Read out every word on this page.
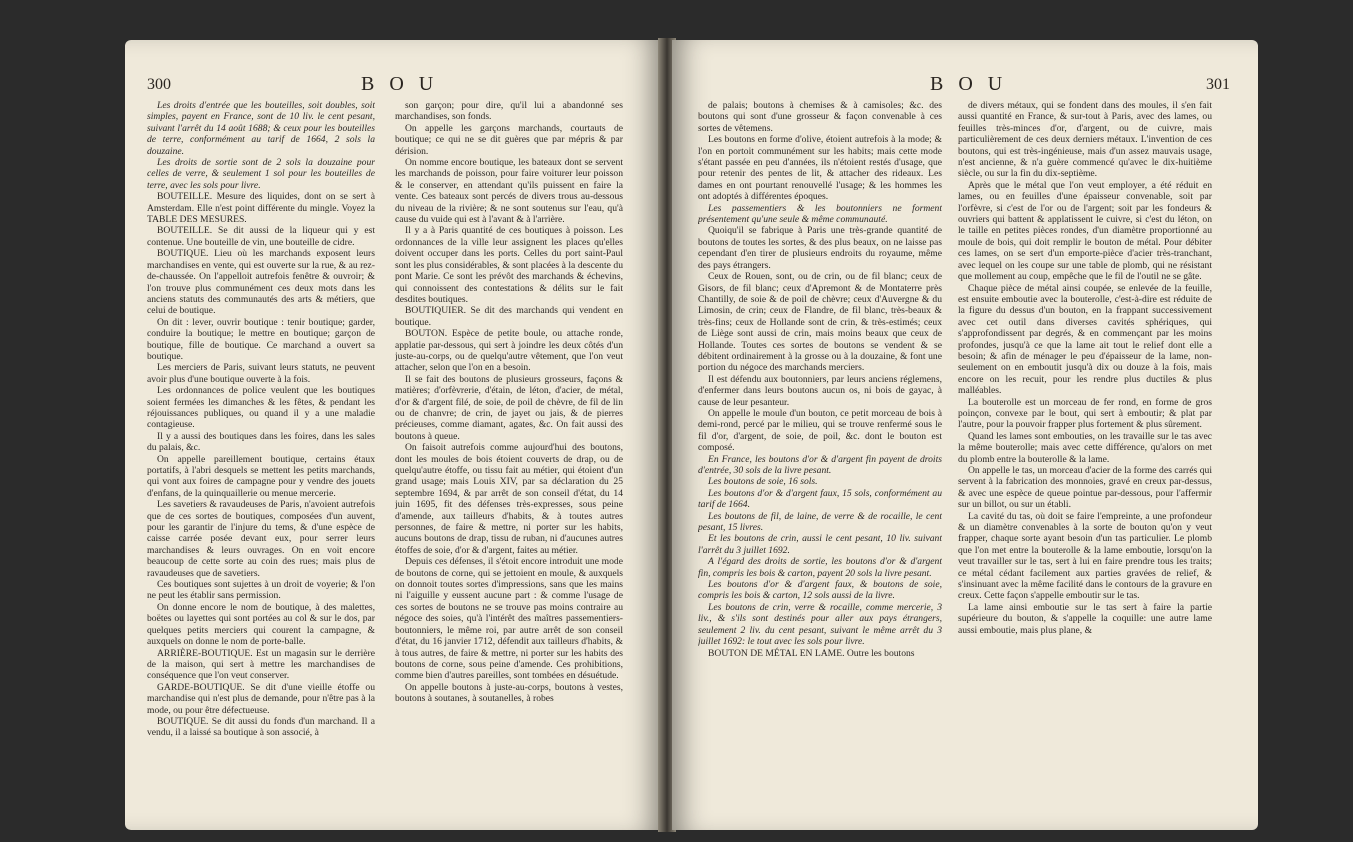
300	B O U

Les droits d'entrée que les bouteilles, soit doubles, soit simples, payent en France, sont de 10 liv. le cent pesant, suivant l'arrêt du 14 août 1688; & ceux pour les bouteilles de terre, conformément au tarif de 1664, 2 sols la douzaine.

Les droits de sortie sont de 2 sols la douzaine pour celles de verre, & seulement 1 sol pour les bouteilles de terre, avec les sols pour livre.

BOUTEILLE. Mesure des liquides, dont on se sert à Amsterdam. Elle n'est point différente du mingle. Voyez la TABLE DES MESURES.

BOUTEILLE. Se dit aussi de la liqueur qui y est contenue. Une bouteille de vin, une bouteille de cidre.

BOUTIQUE. Lieu où les marchands exposent leurs marchandises en vente, qui est ouverte sur la rue, & au rez-de-chaussée. On l'appelloit autrefois fenêtre & ouvroir; & l'on trouve plus communément ces deux mots dans les anciens statuts des communautés des arts & métiers, que celui de boutique.

On dit : lever, ouvrir boutique : tenir boutique; garder, conduire la boutique; le mettre en boutique; garçon de boutique, fille de boutique. Ce marchand a ouvert sa boutique.

Les merciers de Paris, suivant leurs statuts, ne peuvent avoir plus d'une boutique ouverte à la fois.

Les ordonnances de police veulent que les boutiques soient fermées les dimanches & les fêtes, & pendant les réjouissances publiques, ou quand il y a une maladie contagieuse.

Il y a aussi des boutiques dans les foires, dans les sales du palais, &c.

On appelle pareillement boutique, certains étaux portatifs, à l'abri desquels se mettent les petits marchands, qui vont aux foires de campagne pour y vendre des jouets d'enfans, de la quinquaillerie ou menue mercerie.

Les savetiers & ravaudeuses de Paris, n'avoient autrefois que de ces sortes de boutiques, composées d'un auvent, pour les garantir de l'injure du tems, & d'une espèce de caisse carrée posée devant eux, pour serrer leurs marchandises & leurs ouvrages. On en voit encore beaucoup de cette sorte au coin des rues; mais plus de ravaudeuses que de savetiers.

Ces boutiques sont sujettes à un droit de voyerie; & l'on ne peut les établir sans permission.

On donne encore le nom de boutique, à des malettes, boëtes ou layettes qui sont portées au col & sur le dos, par quelques petits merciers qui courent la campagne, & auxquels on donne le nom de porte-balle.

ARRIÈRE-BOUTIQUE. Est un magasin sur le derrière de la maison, qui sert à mettre les marchandises de conséquence que l'on veut conserver.

GARDE-BOUTIQUE. Se dit d'une vieille étoffe ou marchandise qui n'est plus de demande, pour n'être pas à la mode, ou pour être défectueuse.

BOUTIQUE. Se dit aussi du fonds d'un marchand. Il a vendu, il a laissé sa boutique à son associé, à

son garçon; pour dire, qu'il lui a abandonné ses marchandises, son fonds.

On appelle les garçons marchands, courtauts de boutique; ce qui ne se dit guères que par mépris & par dérision.

On nomme encore boutique, les bateaux dont se servent les marchands de poisson, pour faire voiturer leur poisson & le conserver, en attendant qu'ils puissent en faire la vente. Ces bateaux sont percés de divers trous au-dessous du niveau de la rivière; & ne sont soutenus sur l'eau, qu'à cause du vuide qui est à l'avant & à l'arrière.

Il y a à Paris quantité de ces boutiques à poisson. Les ordonnances de la ville leur assignent les places qu'elles doivent occuper dans les ports. Celles du port saint-Paul sont les plus considérables, & sont placées à la descente du pont Marie. Ce sont les prévôt des marchands & échevins, qui connoissent des contestations & délits sur le fait desdites boutiques.

BOUTIQUIER. Se dit des marchands qui vendent en boutique.

BOUTON. Espèce de petite boule, ou attache ronde, applatie par-dessous, qui sert à joindre les deux côtés d'un juste-au-corps, ou de quelqu'autre vêtement, que l'on veut attacher, selon que l'on en a besoin.

Il se fait des boutons de plusieurs grosseurs, façons & matières; d'orfèvrerie, d'étain, de léton, d'acier, de métal, d'or & d'argent filé, de soie, de poil de chèvre, de fil de lin ou de chanvre; de crin, de jayet ou jais, & de pierres précieuses, comme diamant, agates, &c. On fait aussi des boutons à queue.

On faisoit autrefois comme aujourd'hui des boutons, dont les moules de bois étoient couverts de drap, ou de quelqu'autre étoffe, ou tissu fait au métier, qui étoient d'un grand usage; mais Louis XIV, par sa déclaration du 25 septembre 1694, & par arrêt de son conseil d'état, du 14 juin 1695, fit des défenses très-expresses, sous peine d'amende, aux tailleurs d'habits, & à toutes autres personnes, de faire & mettre, ni porter sur les habits, aucuns boutons de drap, tissu de ruban, ni d'aucunes autres étoffes de soie, d'or & d'argent, faites au métier.

Depuis ces défenses, il s'étoit encore introduit une mode de boutons de corne, qui se jettoient en moule, & auxquels on donnoit toutes sortes d'impressions, sans que les mains ni l'aiguille y eussent aucune part : & comme l'usage de ces sortes de boutons ne se trouve pas moins contraire au négoce des soies, qu'à l'intérêt des maîtres passementiers-boutonniers, le même roi, par autre arrêt de son conseil d'état, du 16 janvier 1712, défendit aux tailleurs d'habits, & à tous autres, de faire & mettre, ni porter sur les habits des boutons de corne, sous peine d'amende. Ces prohibitions, comme bien d'autres pareilles, sont tombées en désuétude.

On appelle boutons à juste-au-corps, boutons à vestes, boutons à soutanes, à soutanelles, à robes

B O U	301

de palais; boutons à chemises & à camisoles; &c. des boutons qui sont d'une grosseur & façon convenable à ces sortes de vêtemens.

Les boutons en forme d'olive, étoient autrefois à la mode; & l'on en portoit communément sur les habits; mais cette mode s'étant passée en peu d'années, ils n'étoient restés d'usage, que pour retenir des pentes de lit, & attacher des rideaux. Les dames en ont pourtant renouvellé l'usage; & les hommes les ont adoptés à différentes époques.

Les passementiers & les boutonniers ne forment présentement qu'une seule & même communauté.

Quoiqu'il se fabrique à Paris une très-grande quantité de boutons de toutes les sortes, & des plus beaux, on ne laisse pas cependant d'en tirer de plusieurs endroits du royaume, même des pays étrangers.

Ceux de Rouen, sont, ou de crin, ou de fil blanc; ceux de Gisors, de fil blanc; ceux d'Apremont & de Montaterre près Chantilly, de soie & de poil de chèvre; ceux d'Auvergne & du Limosin, de crin; ceux de Flandre, de fil blanc, très-beaux & très-fins; ceux de Hollande sont de crin, & très-estimés; ceux de Liège sont aussi de crin, mais moins beaux que ceux de Hollande. Toutes ces sortes de boutons se vendent & se débitent ordinairement à la grosse ou à la douzaine, & font une portion du négoce des marchands merciers.

Il est défendu aux boutonniers, par leurs anciens réglemens, d'enfermer dans leurs boutons aucun os, ni bois de gayac, à cause de leur pesanteur.

On appelle le moule d'un bouton, ce petit morceau de bois à demi-rond, percé par le milieu, qui se trouve renfermé sous le fil d'or, d'argent, de soie, de poil, &c. dont le bouton est composé.

En France, les boutons d'or & d'argent fin payent de droits d'entrée, 30 sols de la livre pesant.

Les boutons de soie, 16 sols.

Les boutons d'or & d'argent faux, 15 sols, conformément au tarif de 1664.

Les boutons de fil, de laine, de verre & de rocaille, le cent pesant, 15 livres.

Et les boutons de crin, aussi le cent pesant, 10 liv. suivant l'arrêt du 3 juillet 1692.

A l'égard des droits de sortie, les boutons d'or & d'argent fin, compris les bois & carton, payent 20 sols la livre pesant.

Les boutons d'or & d'argent faux, & boutons de soie, compris les bois & carton, 12 sols aussi de la livre.

Les boutons de crin, verre & rocaille, comme mercerie, 3 liv., & s'ils sont destinés pour aller aux pays étrangers, seulement 2 liv. du cent pesant, suivant le même arrêt du 3 juillet 1692: le tout avec les sols pour livre.

BOUTON DE MÉTAL EN LAME. Outre les boutons

de divers métaux, qui se fondent dans des moules, il s'en fait aussi quantité en France, & sur-tout à Paris, avec des lames, ou feuilles très-minces d'or, d'argent, ou de cuivre, mais particulièrement de ces deux derniers métaux. L'invention de ces boutons, qui est très-ingénieuse, mais d'un assez mauvais usage, n'est ancienne, & n'a guère commencé qu'avec le dix-huitième siècle, ou sur la fin du dix-septième.

Après que le métal que l'on veut employer, a été réduit en lames, ou en feuilles d'une épaisseur convenable, soit par l'orfèvre, si c'est de l'or ou de l'argent; soit par les fondeurs & ouvriers qui battent & applatissent le cuivre, si c'est du léton, on le taille en petites pièces rondes, d'un diamètre proportionné au moule de bois, qui doit remplir le bouton de métal. Pour débiter ces lames, on se sert d'un emporte-pièce d'acier très-tranchant, avec lequel on les coupe sur une table de plomb, qui ne résistant que mollement au coup, empêche que le fil de l'outil ne se gâte.

Chaque pièce de métal ainsi coupée, se enlevée de la feuille, est ensuite emboutie avec la bouterolle, c'est-à-dire est réduite de la figure du dessus d'un bouton, en la frappant successivement avec cet outil dans diverses cavités sphériques, qui s'approfondissent par degrés, & en commençant par les moins profondes, jusqu'à ce que la lame ait tout le relief dont elle a besoin; & afin de ménager le peu d'épaisseur de la lame, non-seulement on en emboutit jusqu'à dix ou douze à la fois, mais encore on les recuit, pour les rendre plus ductiles & plus malléables.

La bouterolle est un morceau de fer rond, en forme de gros poinçon, convexe par le bout, qui sert à emboutir; & plat par l'autre, pour la pouvoir frapper plus fortement & plus sûrement.

Quand les lames sont embouties, on les travaille sur le tas avec la même bouterolle; mais avec cette différence, qu'alors on met du plomb entre la bouterolle & la lame.

On appelle le tas, un morceau d'acier de la forme des carrés qui servent à la fabrication des monnoies, gravé en creux par-dessus, & avec une espèce de queue pointue par-dessous, pour l'affermir sur un billot, ou sur un établi.

La cavité du tas, où doit se faire l'empreinte, a une profondeur & un diamètre convenables à la sorte de bouton qu'on y veut frapper, chaque sorte ayant besoin d'un tas particulier. Le plomb que l'on met entre la bouterolle & la lame emboutie, lorsqu'on la veut travailler sur le tas, sert à lui en faire prendre tous les traits; ce métal cédant facilement aux parties gravées de relief, & s'insinuant avec la même facilité dans le contours de la gravure en creux. Cette façon s'appelle emboutir sur le tas.

La lame ainsi emboutie sur le tas sert à faire la partie supérieure du bouton, & s'appelle la coquille: une autre lame aussi emboutie, mais plus plane, &
